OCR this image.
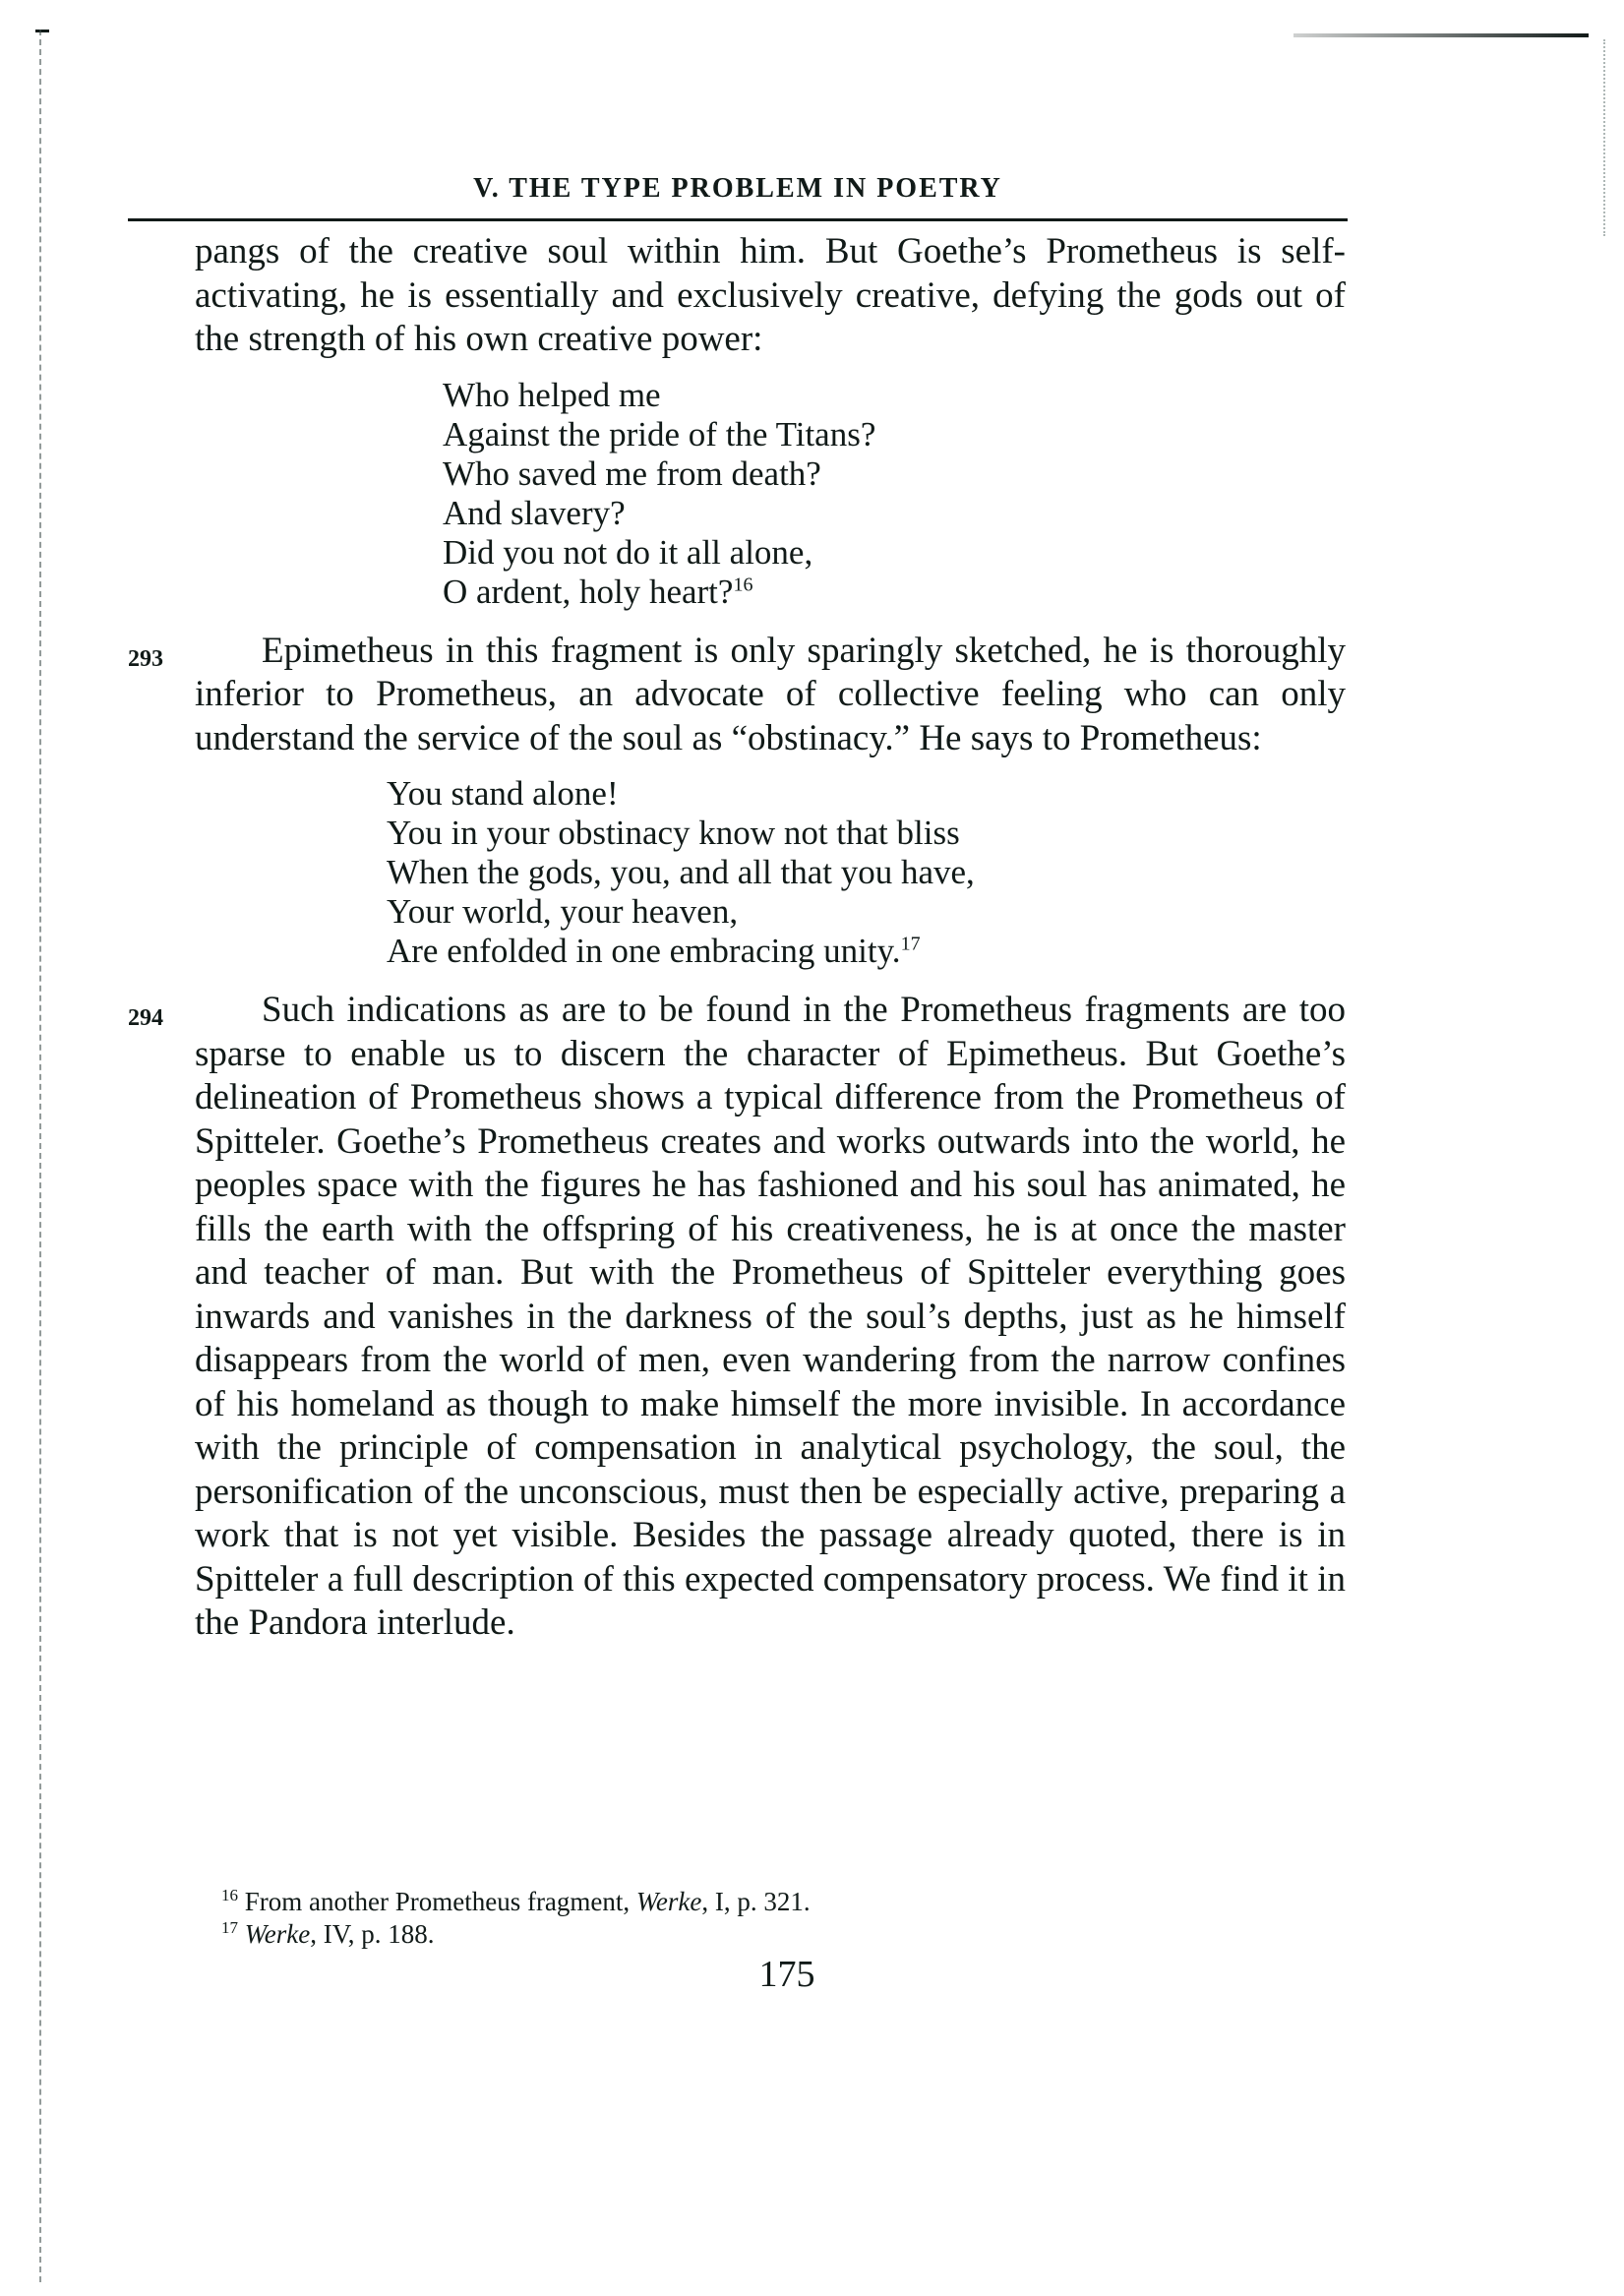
V. THE TYPE PROBLEM IN POETRY

pangs of the creative soul within him. But Goethe’s Prometheus is self-activating, he is essentially and exclusively creative, defying the gods out of the strength of his own creative power:

Who helped me
Against the pride of the Titans?
Who saved me from death?
And slavery?
Did you not do it all alone,
O ardent, holy heart?$^{16}$
293	Epimetheus in this fragment is only sparingly sketched, he is thoroughly inferior to Prometheus, an advocate of collective feeling who can only understand the service of the soul as “obstinacy.” He says to Prometheus:

You stand alone!
You in your obstinacy know not that bliss
When the gods, you, and all that you have,
Your world, your heaven,
Are enfolded in one embracing unity.$^{17}$
294	Such indications as are to be found in the Prometheus fragments are too sparse to enable us to discern the character of Epimetheus. But Goethe’s delineation of Prometheus shows a typical difference from the Prometheus of Spitteler. Goethe’s Prometheus creates and works outwards into the world, he peoples space with the figures he has fashioned and his soul has animated, he fills the earth with the offspring of his creativeness, he is at once the master and teacher of man. But with the Prometheus of Spitteler everything goes inwards and vanishes in the darkness of the soul’s depths, just as he himself disappears from the world of men, even wandering from the narrow confines of his homeland as though to make himself the more invisible. In accordance with the principle of compensation in analytical psychology, the soul, the personification of the unconscious, must then be especially active, preparing a work that is not yet visible. Besides the passage already quoted, there is in Spitteler a full description of this expected compensatory process. We find it in the Pandora interlude.

$^{16}$ From another Prometheus fragment, Werke, I, p. 321.
$^{17}$ Werke, IV, p. 188.
175
